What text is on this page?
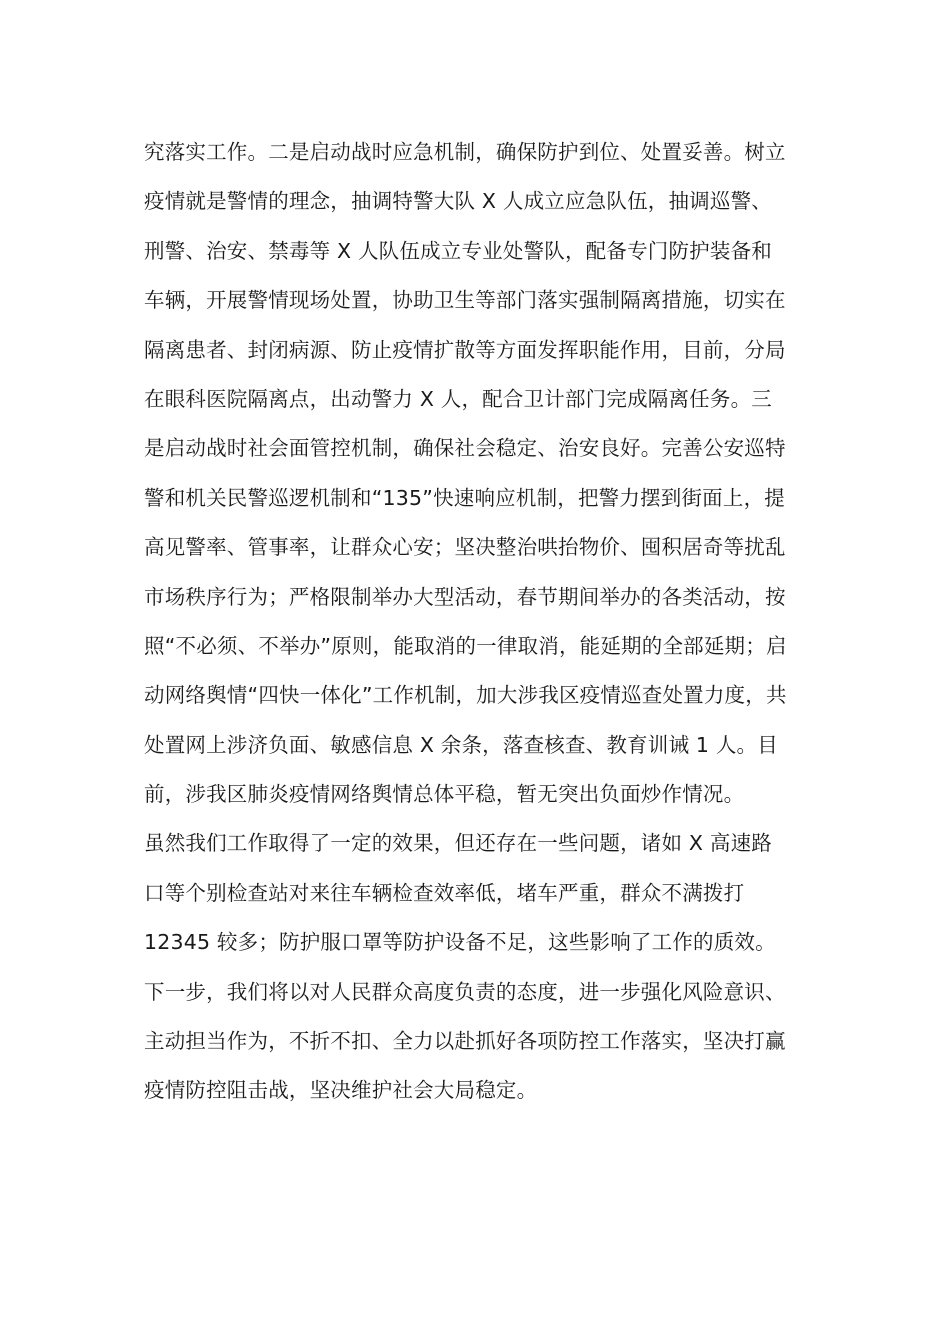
究落实工作。二是启动战时应急机制，确保防护到位、处置妥善。树立
疫情就是警情的理念，抽调特警大队 X 人成立应急队伍，抽调巡警、
刑警、治安、禁毒等 X 人队伍成立专业处警队，配备专门防护装备和
车辆，开展警情现场处置，协助卫生等部门落实强制隔离措施，切实在
隔离患者、封闭病源、防止疫情扩散等方面发挥职能作用，目前，分局
在眼科医院隔离点，出动警力 X 人，配合卫计部门完成隔离任务。三
是启动战时社会面管控机制，确保社会稳定、治安良好。完善公安巡特
警和机关民警巡逻机制和“135”快速响应机制，把警力摆到街面上，提
高见警率、管事率，让群众心安；坚决整治哄抬物价、囤积居奇等扰乱
市场秩序行为；严格限制举办大型活动，春节期间举办的各类活动，按
照“不必须、不举办”原则，能取消的一律取消，能延期的全部延期；启
动网络舆情“四快一体化”工作机制，加大涉我区疫情巡查处置力度，共
处置网上涉济负面、敏感信息 X 余条，落查核查、教育训诫 1 人。目
前，涉我区肺炎疫情网络舆情总体平稳，暂无突出负面炒作情况。
虽然我们工作取得了一定的效果，但还存在一些问题，诸如 X 高速路
口等个别检查站对来往车辆检查效率低，堵车严重，群众不满拨打
12345 较多；防护服口罩等防护设备不足，这些影响了工作的质效。
下一步，我们将以对人民群众高度负责的态度，进一步强化风险意识、
主动担当作为，不折不扣、全力以赴抓好各项防控工作落实，坚决打赢
疫情防控阻击战，坚决维护社会大局稳定。
